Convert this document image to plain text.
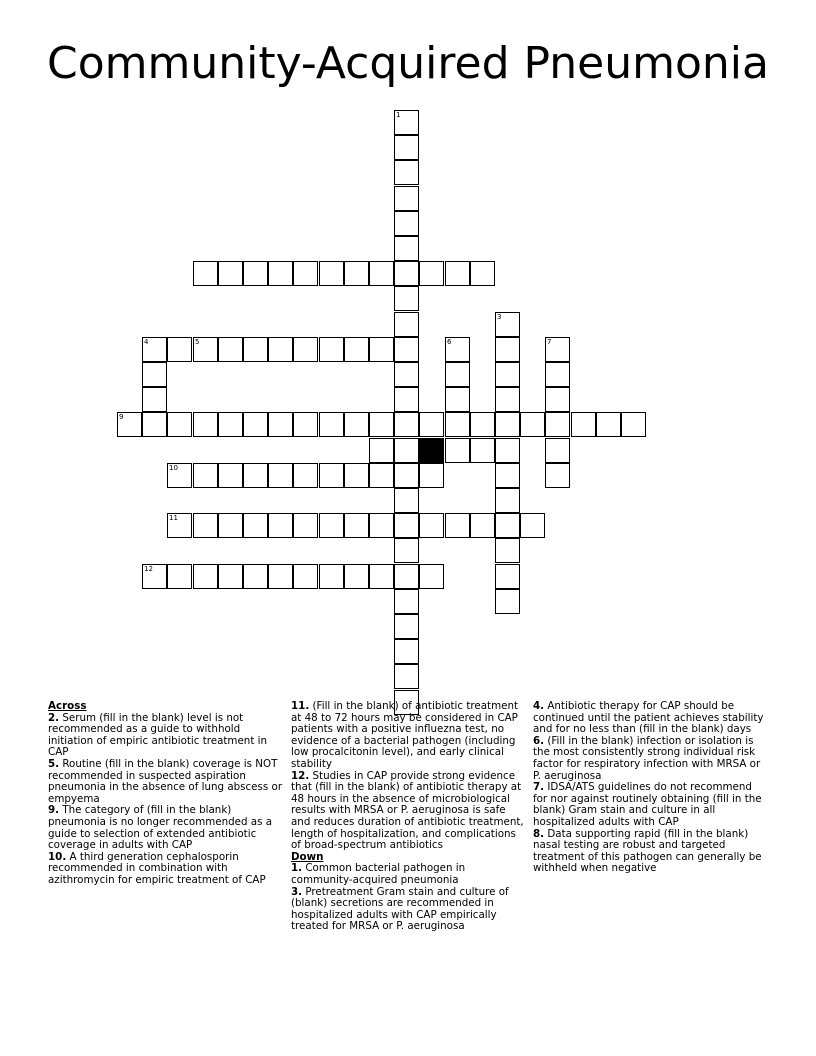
Community-Acquired Pneumonia
1
3
4	6	7
5
9
10
11
12
Across
2. Serum (fill in the blank) level is not recommended as a guide to withhold initiation of empiric antibiotic treatment in CAP
5. Routine (fill in the blank) coverage is NOT recommended in suspected aspiration pneumonia in the absence of lung abscess or empyema
9. The category of (fill in the blank) pneumonia is no longer recommended as a guide to selection of extended antibiotic coverage in adults with CAP
10. A third generation cephalosporin recommended in combination with azithromycin for empiric treatment of CAP
11. (Fill in the blank) of antibiotic treatment at 48 to 72 hours may be considered in CAP patients with a positive influezna test, no evidence of a bacterial pathogen (including low procalcitonin level), and early clinical stability
12. Studies in CAP provide strong evidence that (fill in the blank) of antibiotic therapy at 48 hours in the absence of microbiological results with MRSA or P. aeruginosa is safe and reduces duration of antibiotic treatment, length of hospitalization, and complications of broad-spectrum antibiotics
Down
1. Common bacterial pathogen in community-acquired pneumonia
3. Pretreatment Gram stain and culture of (blank) secretions are recommended in hospitalized adults with CAP empirically treated for MRSA or P. aeruginosa
4. Antibiotic therapy for CAP should be continued until the patient achieves stability and for no less than (fill in the blank) days
6. (Fill in the blank) infection or isolation is the most consistently strong individual risk factor for respiratory infection with MRSA or P. aeruginosa
7. IDSA/ATS guidelines do not recommend for nor against routinely obtaining (fill in the blank) Gram stain and culture in all hospitalized adults with CAP
8. Data supporting rapid (fill in the blank) nasal testing are robust and targeted treatment of this pathogen can generally be withheld when negative
